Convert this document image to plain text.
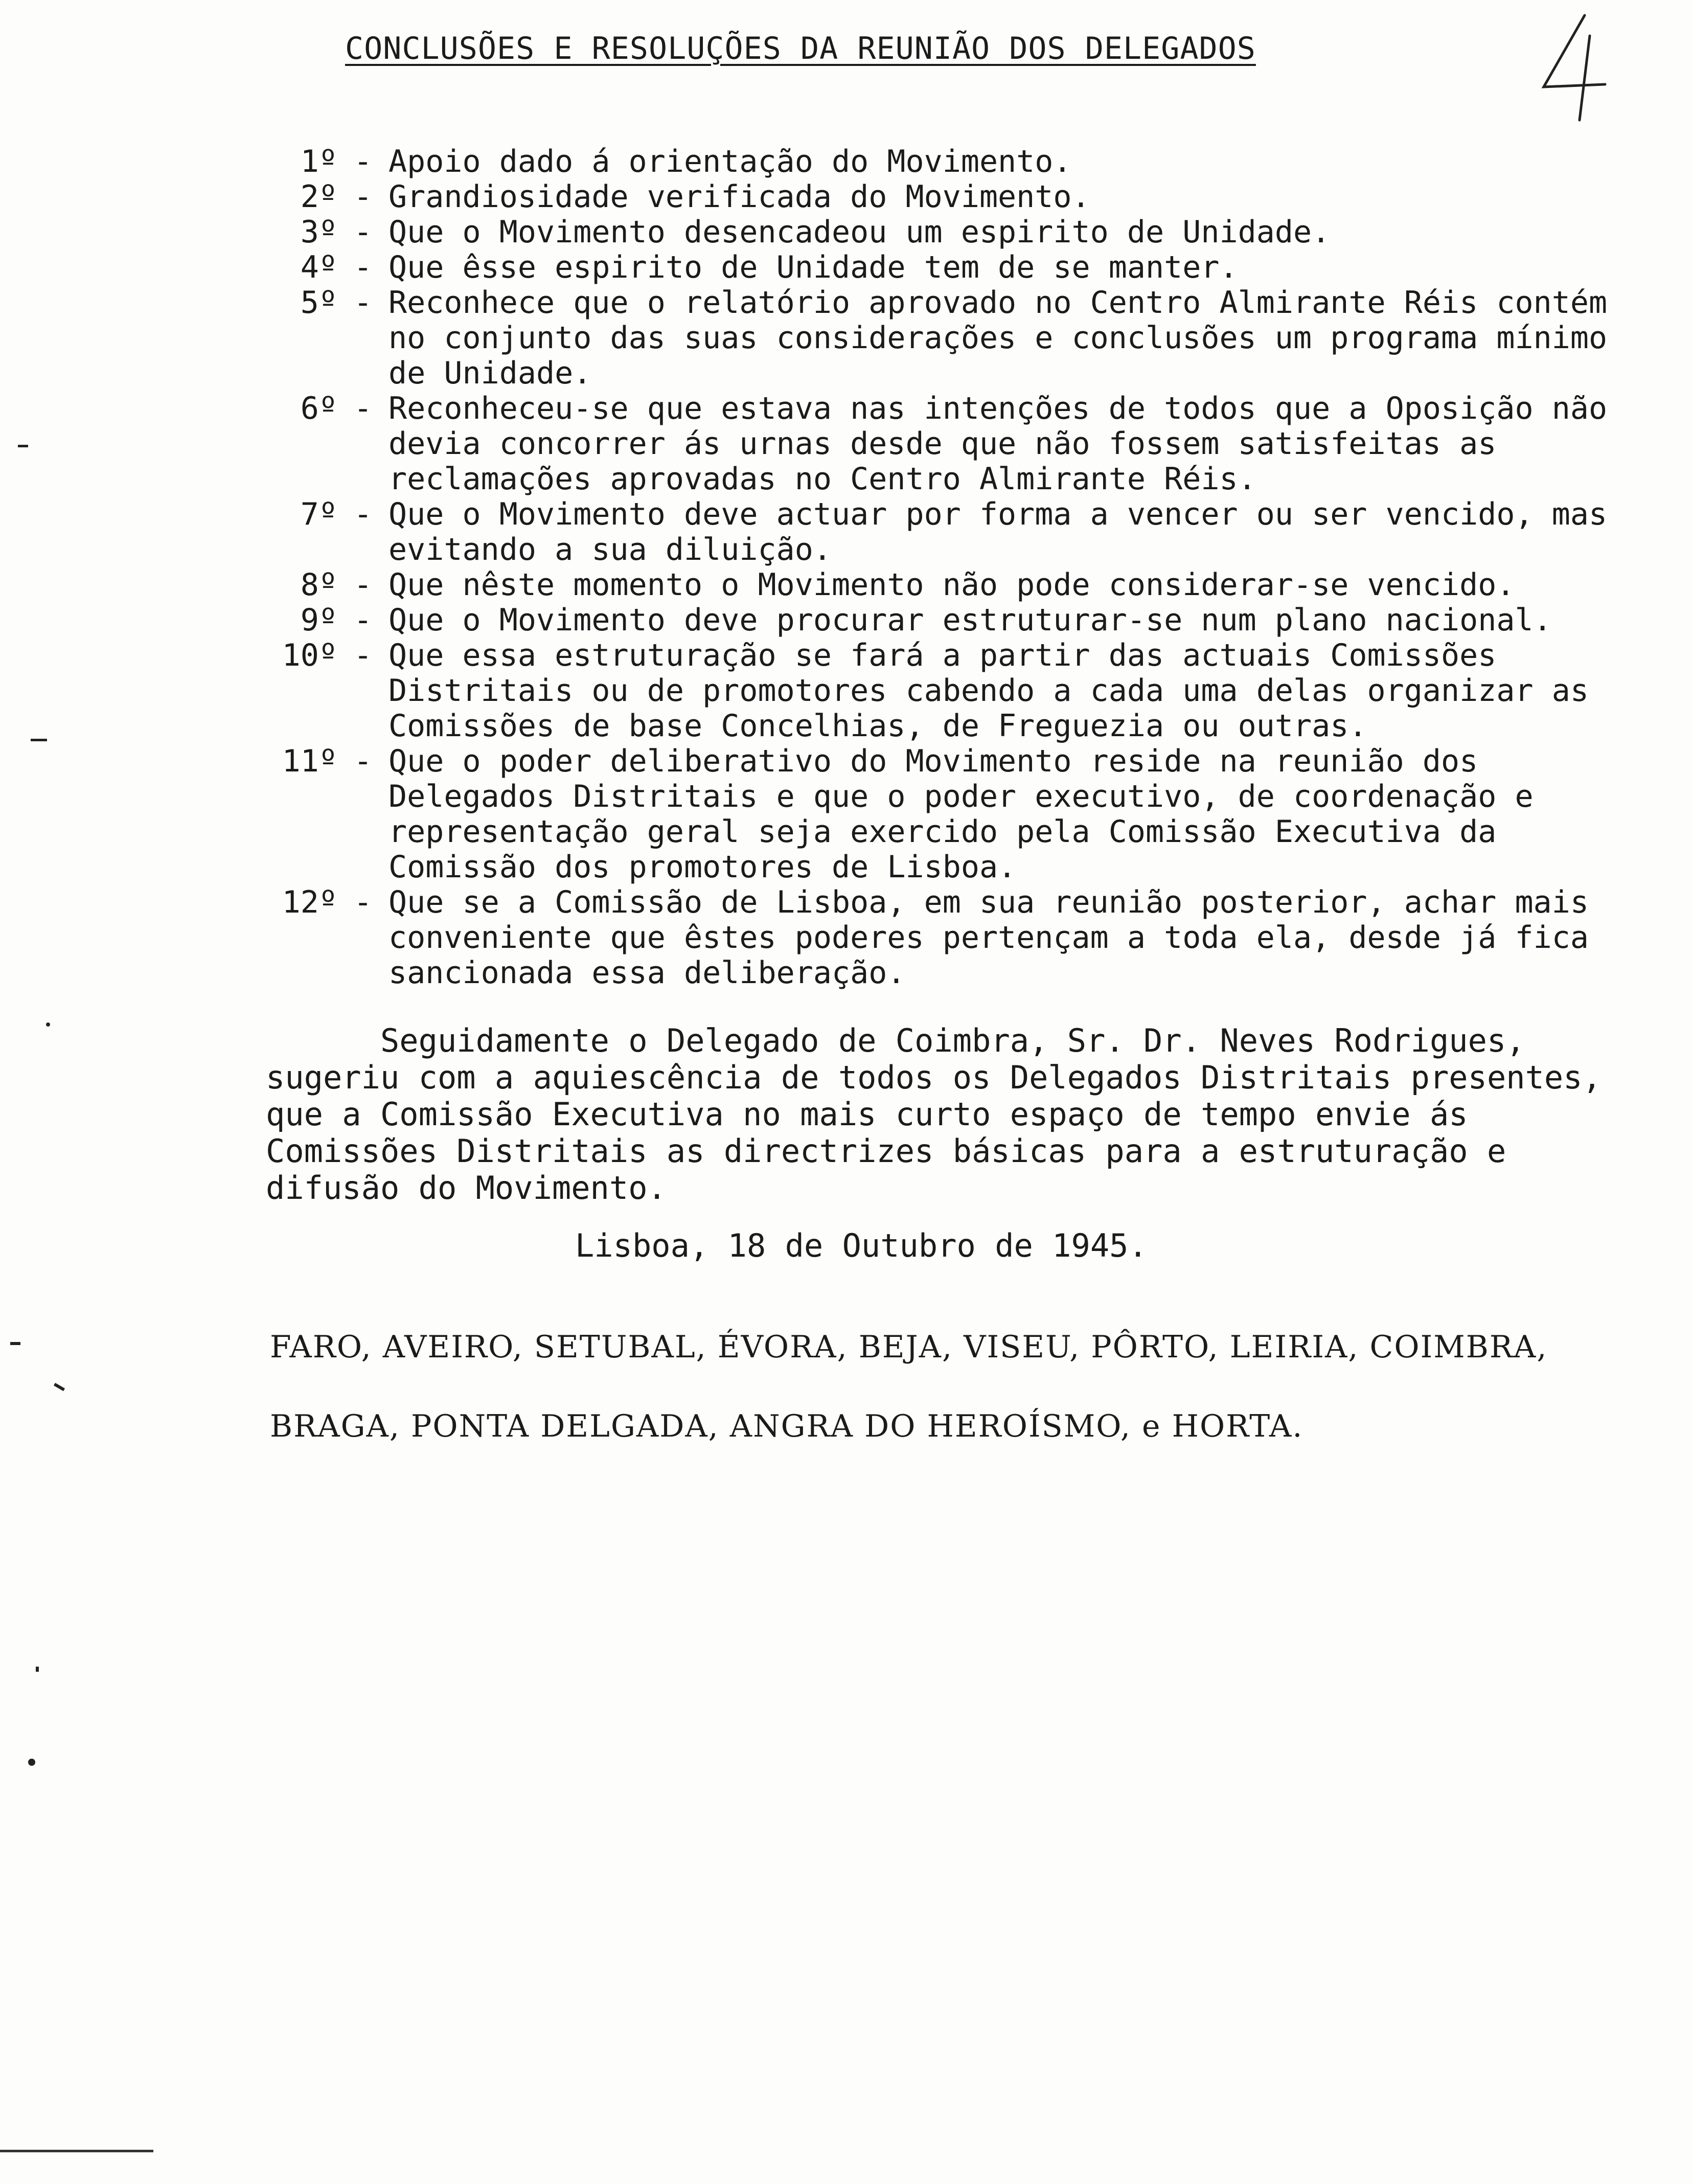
CONCLUSÕES E RESOLUÇÕES DA REUNIÃO DOS DELEGADOS
1º - Apoio dado á orientação do Movimento.
2º - Grandiosidade verificada do Movimento.
3º - Que o Movimento desencadeou um espirito de Unidade.
4º - Que êsse espirito de Unidade tem de se manter.
5º - Reconhece que o relatório aprovado no Centro Almirante Réis contém no conjunto das suas considerações e conclusões um programa mínimo de Unidade.
6º - Reconheceu-se que estava nas intenções de todos que a Oposição não devia concorrer ás urnas desde que não fossem satisfeitas as reclamações aprovadas no Centro Almirante Réis.
7º - Que o Movimento deve actuar por forma a vencer ou ser vencido, mas evitando a sua diluição.
8º - Que nêste momento o Movimento não pode considerar-se vencido.
9º - Que o Movimento deve procurar estruturar-se num plano nacional.
10º - Que essa estruturação se fará a partir das actuais Comissões Distritais ou de promotores cabendo a cada uma delas organizar as Comissões de base Concelhias, de Freguezia ou outras.
11º - Que o poder deliberativo do Movimento reside na reunião dos Delegados Distritais e que o poder executivo, de coordenação e representação geral seja exercido pela Comissão Executiva da Comissão dos promotores de Lisboa.
12º - Que se a Comissão de Lisboa, em sua reunião posterior, achar mais conveniente que êstes poderes pertençam a toda ela, desde já fica sancionada essa deliberação.
Seguidamente o Delegado de Coimbra, Sr. Dr. Neves Rodrigues, sugeriu com a aquiescência de todos os Delegados Distritais presentes, que a Comissão Executiva no mais curto espaço de tempo envie ás Comissões Distritais as directrizes básicas para a estruturação e difusão do Movimento.
Lisboa, 18 de Outubro de 1945.
FARO, AVEIRO, SETUBAL, ÉVORA, BEJA, VISEU, PÔRTO, LEIRIA, COIMBRA,
BRAGA, PONTA DELGADA, ANGRA DO HEROÍSMO, e HORTA.
